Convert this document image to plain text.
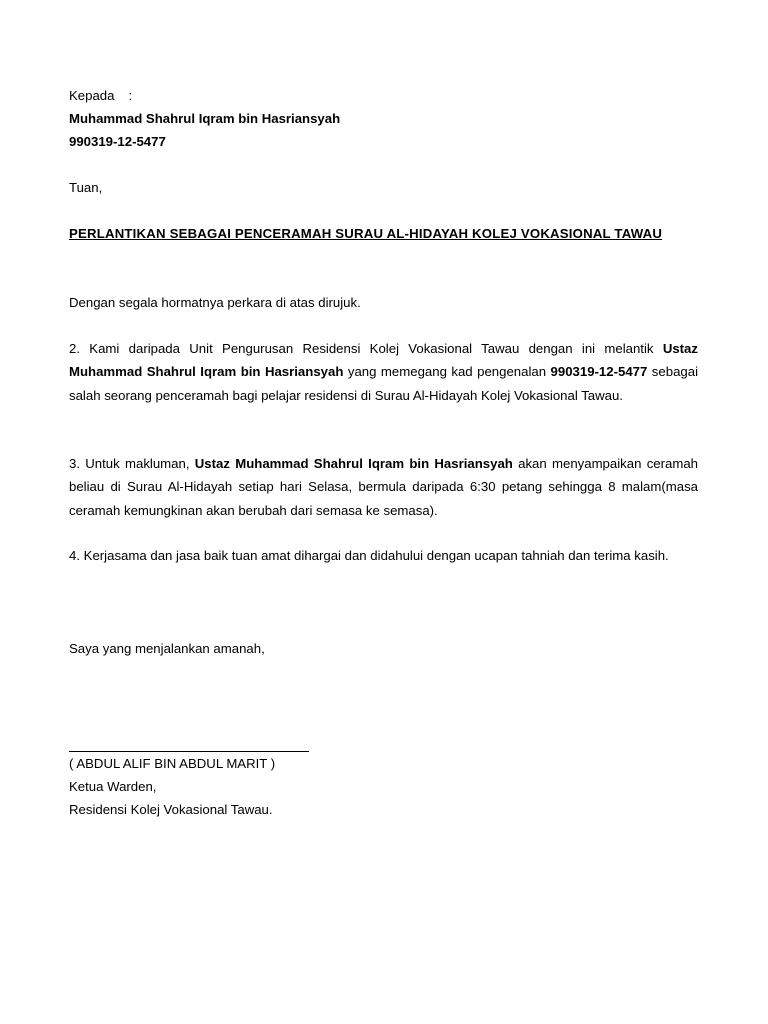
Kepada :
Muhammad Shahrul Iqram bin Hasriansyah
990319-12-5477
Tuan,
PERLANTIKAN SEBAGAI PENCERAMAH SURAU AL-HIDAYAH KOLEJ VOKASIONAL TAWAU
Dengan segala hormatnya perkara di atas dirujuk.
2. Kami daripada Unit Pengurusan Residensi Kolej Vokasional Tawau dengan ini melantik Ustaz Muhammad Shahrul Iqram bin Hasriansyah yang memegang kad pengenalan 990319-12-5477 sebagai salah seorang penceramah bagi pelajar residensi di Surau Al-Hidayah Kolej Vokasional Tawau.
3. Untuk makluman, Ustaz Muhammad Shahrul Iqram bin Hasriansyah akan menyampaikan ceramah beliau di Surau Al-Hidayah setiap hari Selasa, bermula daripada 6:30 petang sehingga 8 malam(masa ceramah kemungkinan akan berubah dari semasa ke semasa).
4. Kerjasama dan jasa baik tuan amat dihargai dan didahului dengan ucapan tahniah dan terima kasih.
Saya yang menjalankan amanah,
( ABDUL ALIF BIN ABDUL MARIT )
Ketua Warden,
Residensi Kolej Vokasional Tawau.
